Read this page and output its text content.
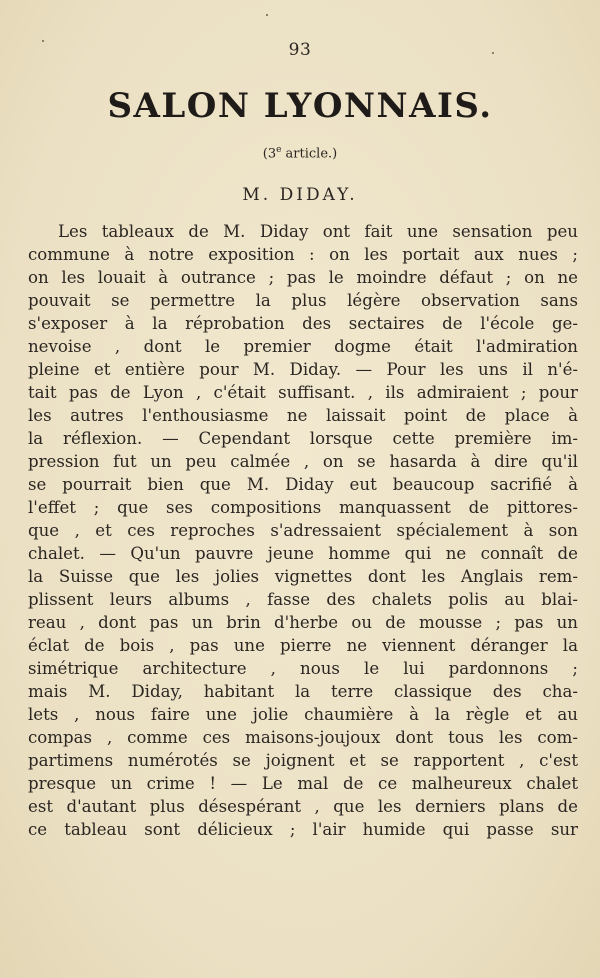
93
SALON LYONNAIS.
(3e article.)
M. DIDAY.
Les tableaux de M. Diday ont fait une sensation peu
commune à notre exposition : on les portait aux nues ;
on les louait à outrance ; pas le moindre défaut ; on ne
pouvait se permettre la plus légère observation sans
s'exposer à la réprobation des sectaires de l'école ge-
nevoise , dont le premier dogme était l'admiration
pleine et entière pour M. Diday. — Pour les uns il n'é-
tait pas de Lyon , c'était suffisant. , ils admiraient ; pour
les autres l'enthousiasme ne laissait point de place à
la réflexion. — Cependant lorsque cette première im-
pression fut un peu calmée , on se hasarda à dire qu'il
se pourrait bien que M. Diday eut beaucoup sacrifié à
l'effet ; que ses compositions manquassent de pittores-
que , et ces reproches s'adressaient spécialement à son
chalet. — Qu'un pauvre jeune homme qui ne connaît de
la Suisse que les jolies vignettes dont les Anglais rem-
plissent leurs albums , fasse des chalets polis au blai-
reau , dont pas un brin d'herbe ou de mousse ; pas un
éclat de bois , pas une pierre ne viennent déranger la
simétrique architecture , nous le lui pardonnons ;
mais M. Diday, habitant la terre classique des cha-
lets , nous faire une jolie chaumière à la règle et au
compas , comme ces maisons-joujoux dont tous les com-
partimens numérotés se joignent et se rapportent , c'est
presque un crime ! — Le mal de ce malheureux chalet
est d'autant plus désespérant , que les derniers plans de
ce tableau sont délicieux ; l'air humide qui passe sur
